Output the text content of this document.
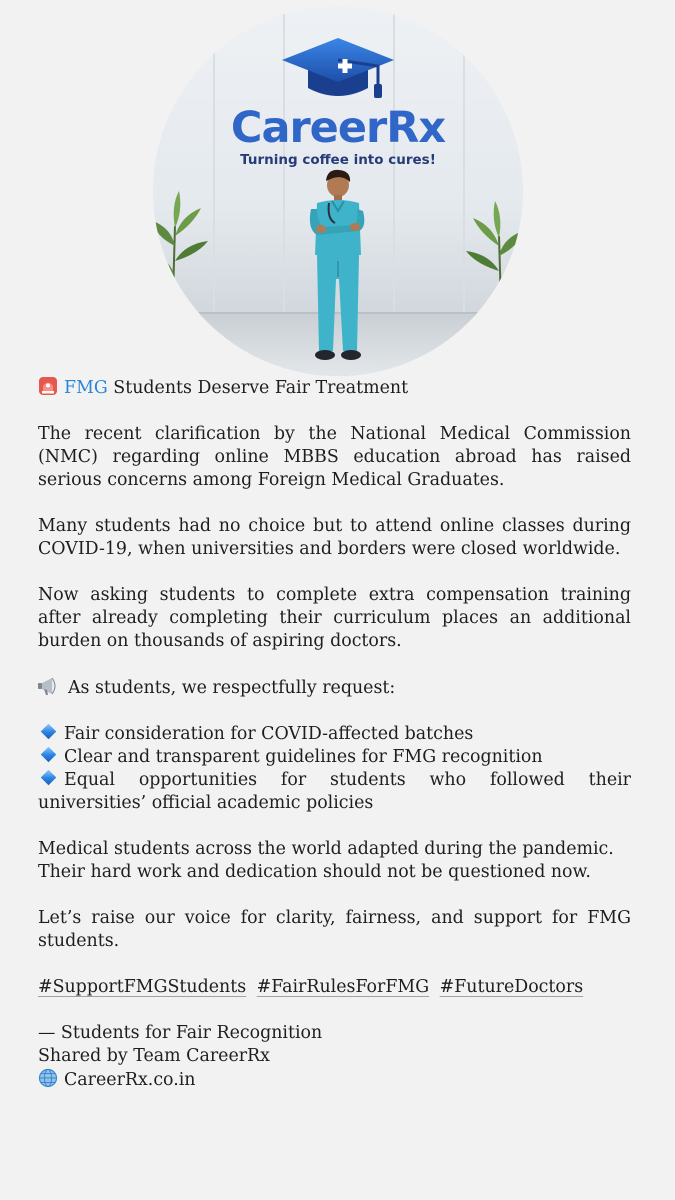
CareerRx
Turning coffee into cures!
FMG Students Deserve Fair Treatment

The recent clarification by the National Medical Commission (NMC) regarding online MBBS education abroad has raised serious concerns among Foreign Medical Graduates.

Many students had no choice but to attend online classes during COVID-19, when universities and borders were closed worldwide.

Now asking students to complete extra compensation training after already completing their curriculum places an additional burden on thousands of aspiring doctors.

As students, we respectfully request:

Fair consideration for COVID-affected batches
Clear and transparent guidelines for FMG recognition
Equal opportunities for students who followed their universities’ official academic policies

Medical students across the world adapted during the pandemic. Their hard work and dedication should not be questioned now.

Let’s raise our voice for clarity, fairness, and support for FMG students.

#SupportFMGStudents #FairRulesForFMG #FutureDoctors
— Students for Fair Recognition
Shared by Team CareerRx
CareerRx.co.in
